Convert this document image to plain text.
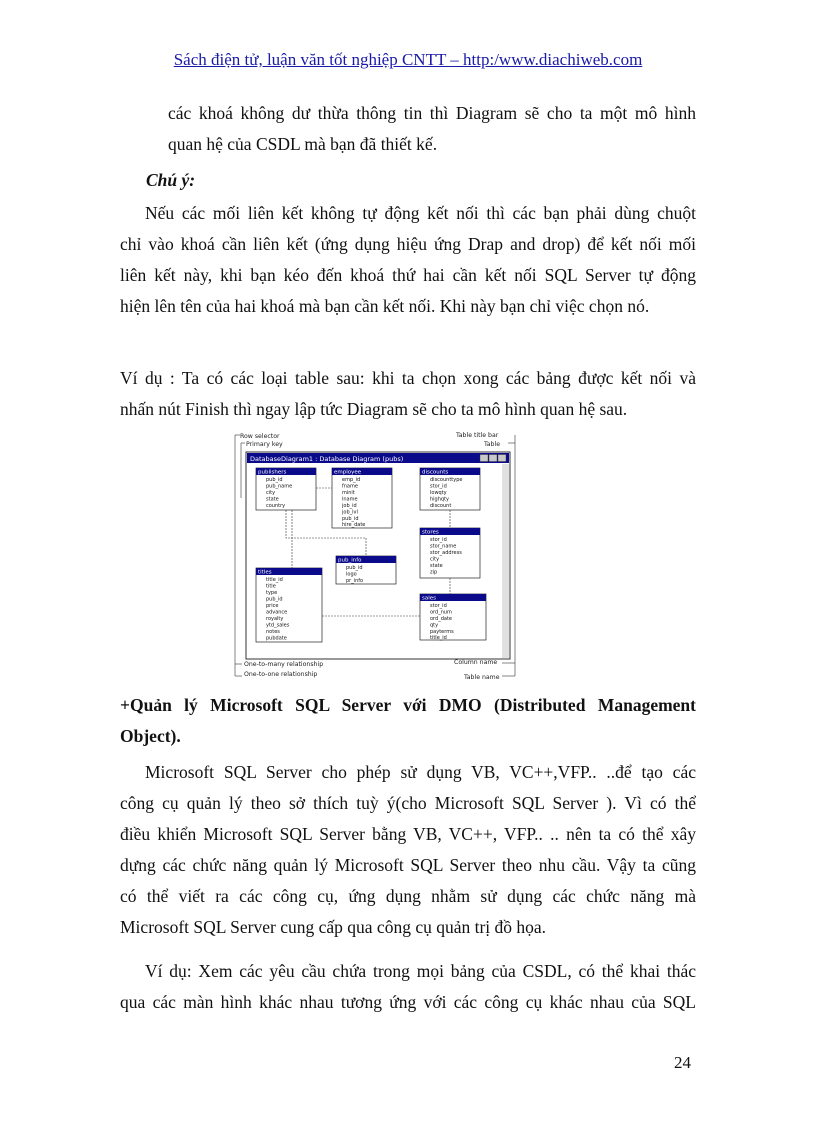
Sách điện tử, luận văn tốt nghiệp CNTT – http:/www.diachiweb.com
các khoá không dư thừa thông tin thì Diagram sẽ cho ta một mô hình
quan hệ của CSDL mà bạn đã thiết kế.
Chú ý:
Nếu các mối liên kết không tự động kết nối thì các bạn phải dùng chuột
chỉ vào khoá cần liên kết (ứng dụng hiệu ứng Drap and drop) để kết nối mối
liên kết này, khi bạn kéo đến khoá thứ hai cần kết nối SQL Server tự động
hiện lên tên của hai khoá mà bạn cần kết nối. Khi này bạn chỉ việc chọn nó.
Ví dụ : Ta có các loại table sau: khi ta chọn xong các bảng được kết nối và
nhấn nút Finish thì ngay lập tức Diagram sẽ cho ta mô hình quan hệ sau.
Row selector
Primary key
Table title bar
Table
One-to-many relationship
One-to-one relationship
Column name
Table name
DatabaseDiagram1 : Database Diagram (pubs)
publishers
pub_id
pub_name
city
state
country
employee
emp_id
fname
minit
lname
job_id
job_lvl
pub_id
hire_date
discounts
discounttype
stor_id
lowqty
highqty
discount
stores
stor_id
stor_name
stor_address
city
state
zip
pub_info
pub_id
logo
pr_info
titles
title_id
title
type
pub_id
price
advance
royalty
ytd_sales
notes
pubdate
sales
stor_id
ord_num
ord_date
qty
payterms
title_id
+Quản lý Microsoft SQL Server với DMO (Distributed Management
Object).
Microsoft SQL Server cho phép sử dụng VB, VC++,VFP.. ..để tạo các
công cụ quản lý theo sở thích tuỳ ý(cho Microsoft SQL Server ). Vì có thể
điều khiển Microsoft SQL Server bằng VB, VC++, VFP.. .. nên ta có thể xây
dựng các chức năng quản lý Microsoft SQL Server theo nhu cầu. Vậy ta cũng
có thể viết ra các công cụ, ứng dụng nhằm sử dụng các chức năng mà
Microsoft SQL Server cung cấp qua công cụ quản trị đồ họa.
Ví dụ: Xem các yêu cầu chứa trong mọi bảng của CSDL, có thể khai thác
qua các màn hình khác nhau tương ứng với các công cụ khác nhau của SQL
24
